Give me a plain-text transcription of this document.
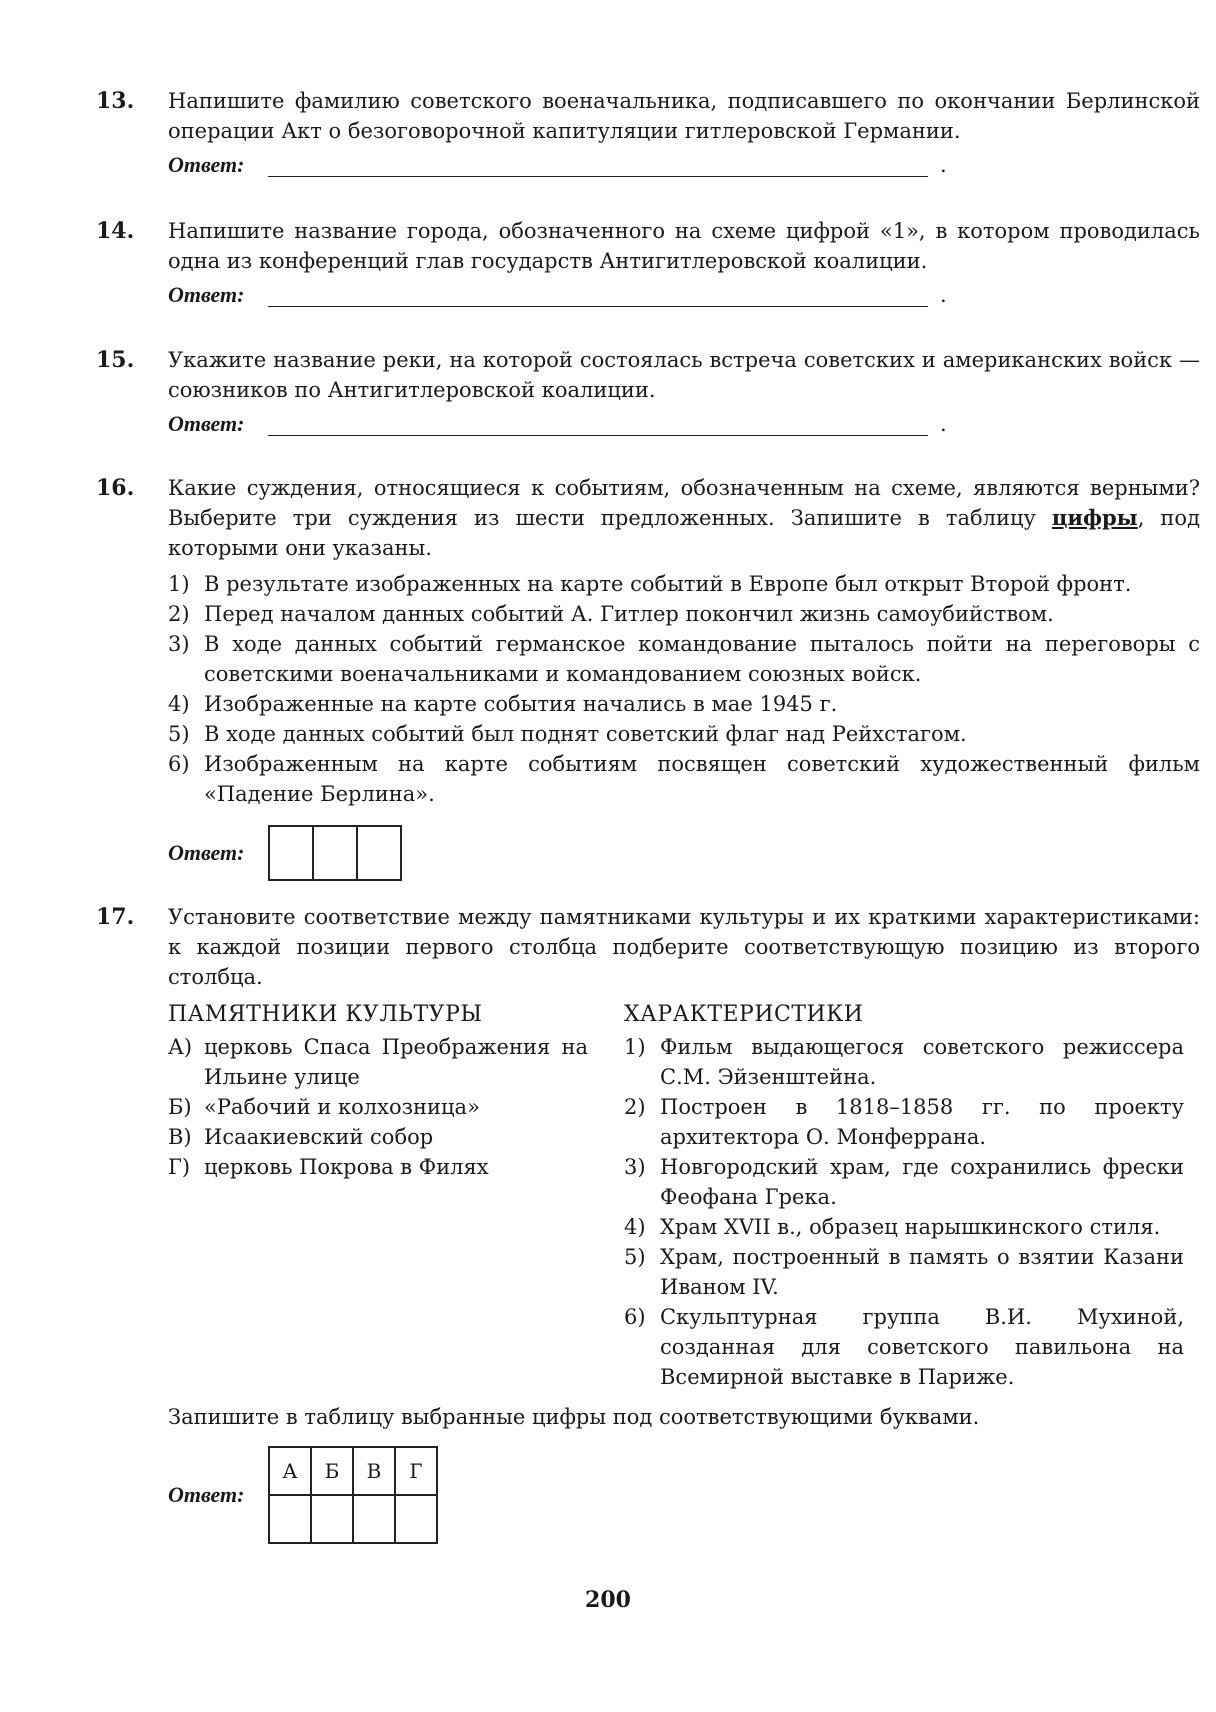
13. Напишите фамилию советского военачальника, подписавшего по окончании Берлинской операции Акт о безоговорочной капитуляции гитлеровской Германии.
Ответ:	.
14. Напишите название города, обозначенного на схеме цифрой «1», в котором проводилась одна из конференций глав государств Антигитлеровской коалиции.
Ответ:	.
15. Укажите название реки, на которой состоялась встреча советских и американских войск — союзников по Антигитлеровской коалиции.
Ответ:	.
16. Какие суждения, относящиеся к событиям, обозначенным на схеме, являются верными? Выберите три суждения из шести предложенных. Запишите в таблицу цифры, под которыми они указаны.
1) В результате изображенных на карте событий в Европе был открыт Второй фронт.
2) Перед началом данных событий А. Гитлер покончил жизнь самоубийством.
3) В ходе данных событий германское командование пыталось пойти на переговоры с советскими военачальниками и командованием союзных войск.
4) Изображенные на карте события начались в мае 1945 г.
5) В ходе данных событий был поднят советский флаг над Рейхстагом.
6) Изображенным на карте событиям посвящен советский художественный фильм «Падение Берлина».
Ответ:
17. Установите соответствие между памятниками культуры и их краткими характеристиками: к каждой позиции первого столбца подберите соответствующую позицию из второго столбца.
ПАМЯТНИКИ КУЛЬТУРЫ
А) церковь Спаса Преображения на Ильине улице
Б) «Рабочий и колхозница»
В) Исаакиевский собор
Г) церковь Покрова в Филях
ХАРАКТЕРИСТИКИ
1) Фильм выдающегося советского режиссера С.М. Эйзенштейна.
2) Построен в 1818–1858 гг. по проекту архитектора О. Монферрана.
3) Новгородский храм, где сохранились фрески Феофана Грека.
4) Храм XVII в., образец нарышкинского стиля.
5) Храм, построенный в память о взятии Казани Иваном IV.
6) Скульптурная группа В.И. Мухиной, созданная для советского павильона на Всемирной выставке в Париже.
Запишите в таблицу выбранные цифры под соответствующими буквами.
Ответ:
А	Б	В	Г

200
